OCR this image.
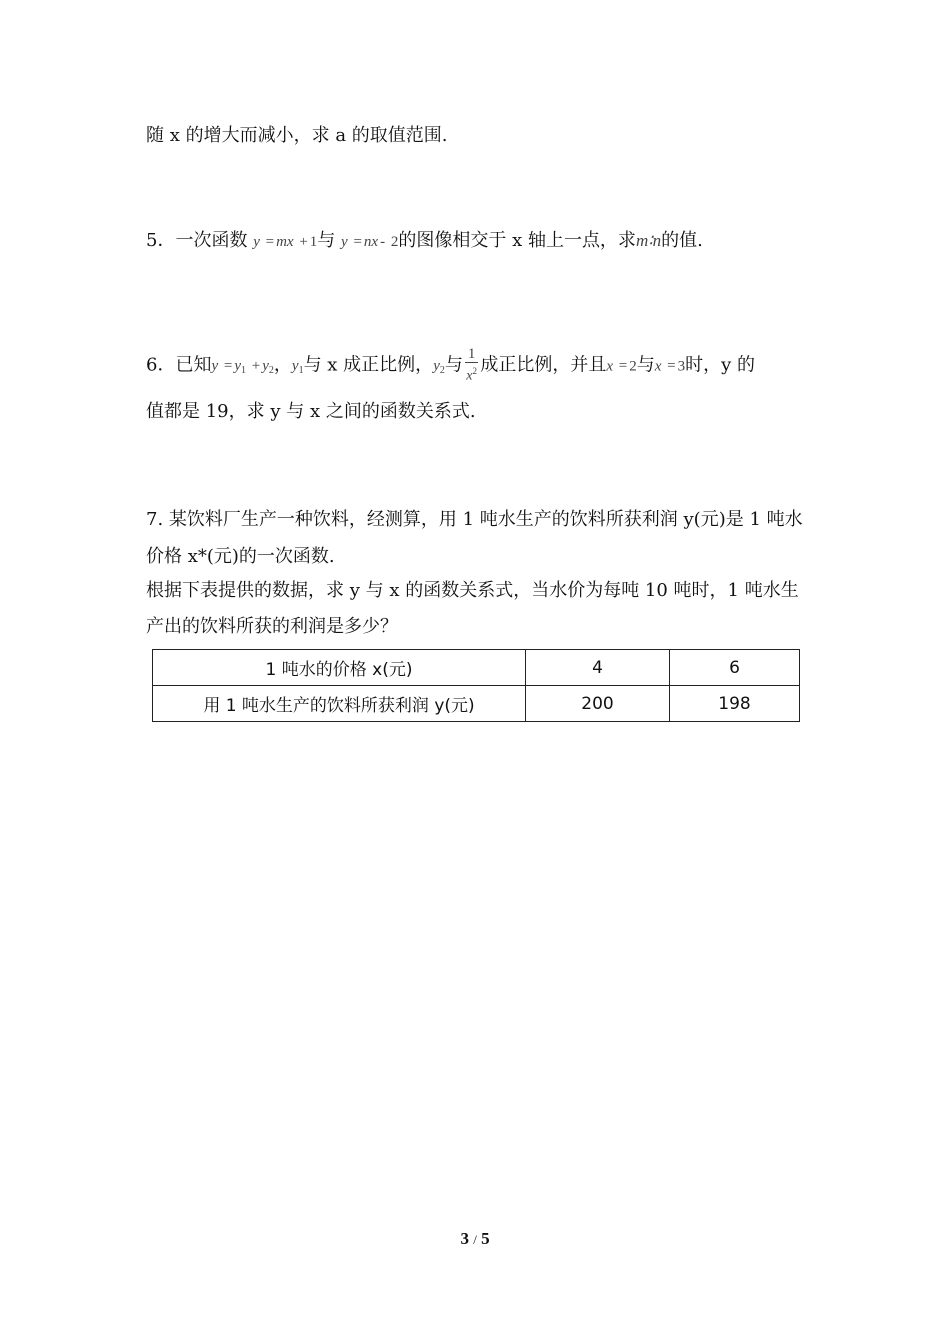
随 x 的增大而减小，求 a 的取值范围.
5．一次函数 y = mx + 1与 y = nx - 2的图像相交于 x 轴上一点，求m∶n的值.
6．已知$y = y_1 + y_2$，$y_1$与 x 成正比例，$y_2$与 $\frac{1}{x^2}$ 成正比例，并且x = 2与x = 3时，y 的
值都是 19，求 y 与 x 之间的函数关系式.
7. 某饮料厂生产一种饮料，经测算，用 1 吨水生产的饮料所获利润 y(元)是 1 吨水
价格 x*(元)的一次函数.
根据下表提供的数据，求 y 与 x 的函数关系式，当水价为每吨 10 吨时，1 吨水生
产出的饮料所获的利润是多少？
1 吨水的价格 x(元)	4	6
用 1 吨水生产的饮料所获利润 y(元)	200	198
3 / 5
